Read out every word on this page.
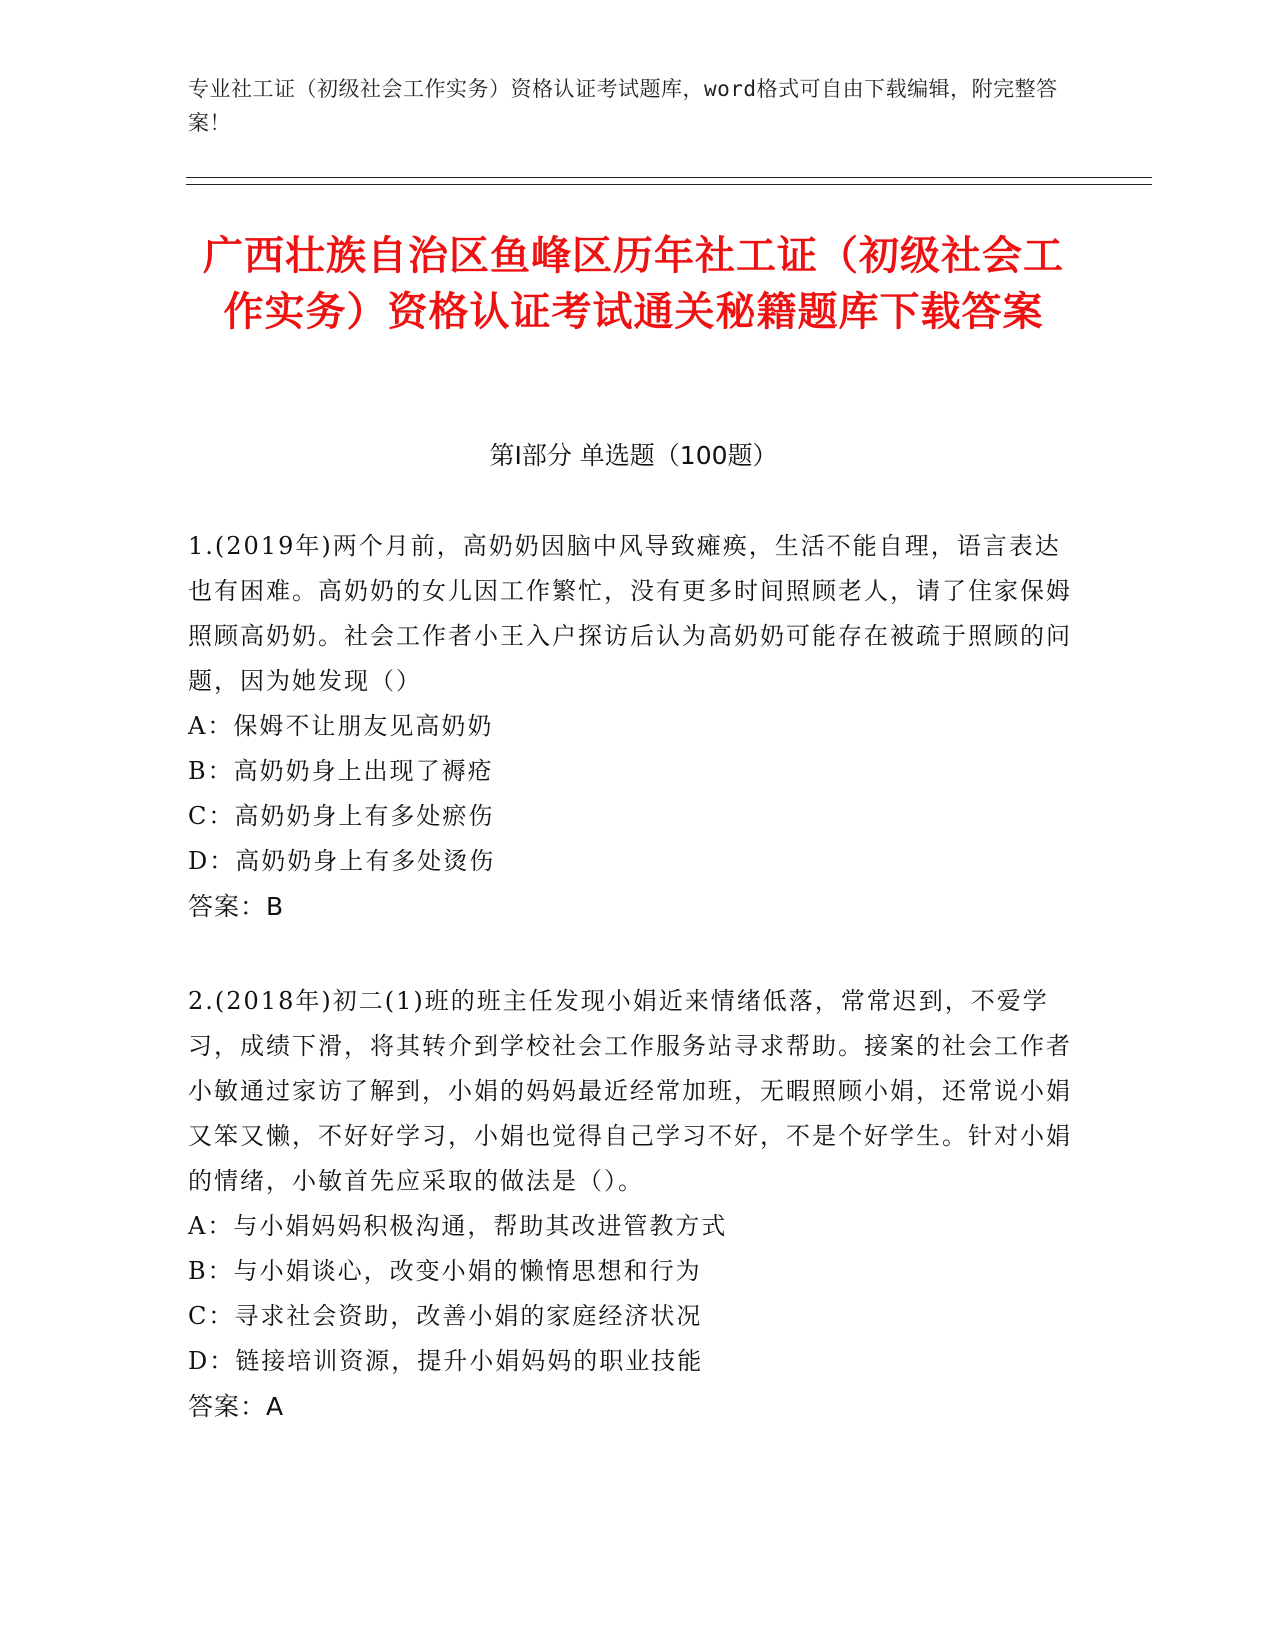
专业社工证（初级社会工作实务）资格认证考试题库，word格式可自由下载编辑，附完整答案！
广西壮族自治区鱼峰区历年社工证（初级社会工作实务）资格认证考试通关秘籍题库下载答案
第Ⅰ部分 单选题（100题）
1.(2019年)两个月前，高奶奶因脑中风导致瘫痪，生活不能自理，语言表达也有困难。高奶奶的女儿因工作繁忙，没有更多时间照顾老人，请了住家保姆照顾高奶奶。社会工作者小王入户探访后认为高奶奶可能存在被疏于照顾的问题，因为她发现（）
A：保姆不让朋友见高奶奶
B：高奶奶身上出现了褥疮
C：高奶奶身上有多处瘀伤
D：高奶奶身上有多处烫伤
答案：B
2.(2018年)初二(1)班的班主任发现小娟近来情绪低落，常常迟到，不爱学习，成绩下滑，将其转介到学校社会工作服务站寻求帮助。接案的社会工作者小敏通过家访了解到，小娟的妈妈最近经常加班，无暇照顾小娟，还常说小娟又笨又懒，不好好学习，小娟也觉得自己学习不好，不是个好学生。针对小娟的情绪，小敏首先应采取的做法是（）。
A：与小娟妈妈积极沟通，帮助其改进管教方式
B：与小娟谈心，改变小娟的懒惰思想和行为
C：寻求社会资助，改善小娟的家庭经济状况
D：链接培训资源，提升小娟妈妈的职业技能
答案：A
